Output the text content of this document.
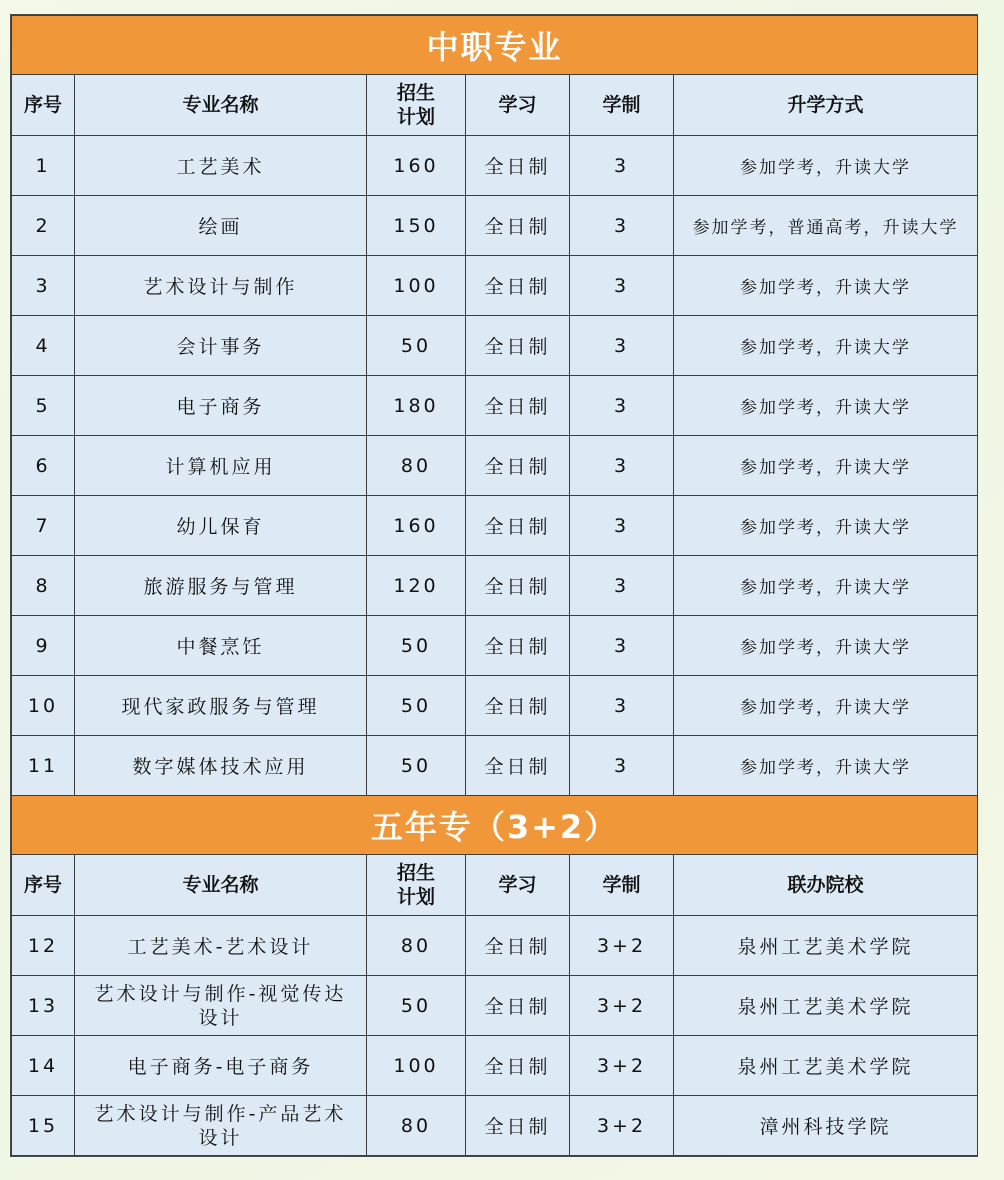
中职专业					
序号	专业名称	招生计划	学习	学制	升学方式
1	工艺美术	160	全日制	3	参加学考，升读大学
2	绘画	150	全日制	3	参加学考，普通高考，升读大学
3	艺术设计与制作	100	全日制	3	参加学考，升读大学
4	会计事务	50	全日制	3	参加学考，升读大学
5	电子商务	180	全日制	3	参加学考，升读大学
6	计算机应用	80	全日制	3	参加学考，升读大学
7	幼儿保育	160	全日制	3	参加学考，升读大学
8	旅游服务与管理	120	全日制	3	参加学考，升读大学
9	中餐烹饪	50	全日制	3	参加学考，升读大学
10	现代家政服务与管理	50	全日制	3	参加学考，升读大学
11	数字媒体技术应用	50	全日制	3	参加学考，升读大学
五年专（3+2）					
序号	专业名称	招生计划	学习	学制	联办院校
12	工艺美术-艺术设计	80	全日制	3+2	泉州工艺美术学院
13	艺术设计与制作-视觉传达设计	50	全日制	3+2	泉州工艺美术学院
14	电子商务-电子商务	100	全日制	3+2	泉州工艺美术学院
15	艺术设计与制作-产品艺术设计	80	全日制	3+2	漳州科技学院
